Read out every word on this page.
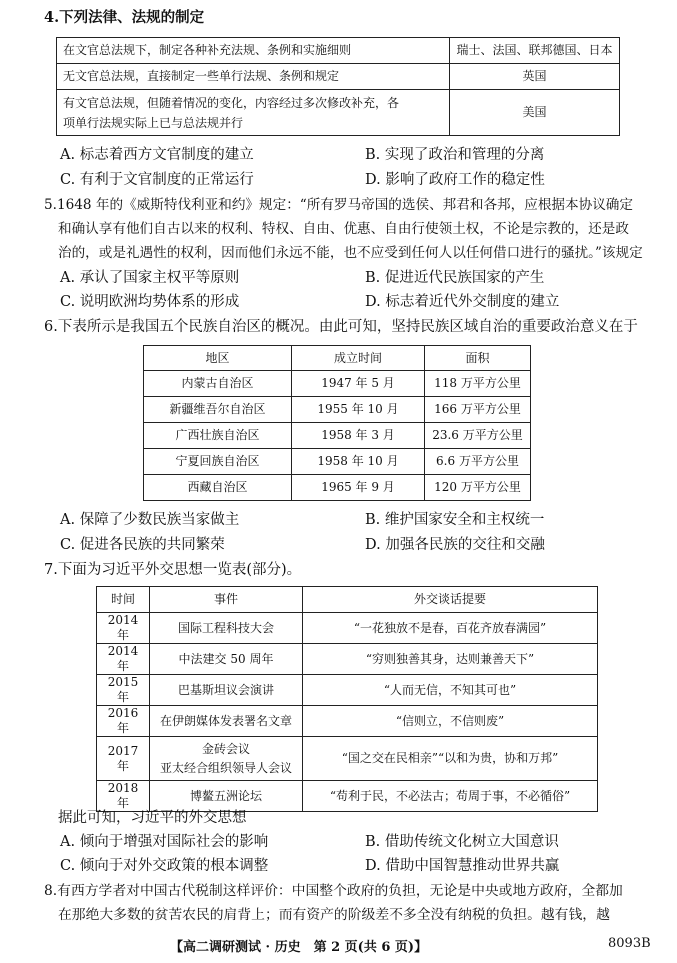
4.下列法律、法规的制定
在文官总法规下，制定各种补充法规、条例和实施细则	瑞士、法国、联邦德国、日本
无文官总法规，直接制定一些单行法规、条例和规定	英国

有文官总法规，但随着情况的变化，内容经过多次修改补充，各
项单行法规实际上已与总法规并行	美国
A. 标志着西方文官制度的建立	B. 实现了政治和管理的分离
C. 有利于文官制度的正常运行	D. 影响了政府工作的稳定性
5.1648 年的《威斯特伐利亚和约》规定：“所有罗马帝国的选侯、邦君和各邦，应根据本协议确定
和确认享有他们自古以来的权利、特权、自由、优惠、自由行使领土权，不论是宗教的，还是政
治的，或是礼遇性的权利，因而他们永远不能，也不应受到任何人以任何借口进行的骚扰。”该规定
A. 承认了国家主权平等原则	B. 促进近代民族国家的产生
C. 说明欧洲均势体系的形成	D. 标志着近代外交制度的建立
6.下表所示是我国五个民族自治区的概况。由此可知，坚持民族区域自治的重要政治意义在于
地区	成立时间	面积
内蒙古自治区	1947 年 5 月	118 万平方公里
新疆维吾尔自治区	1955 年 10 月	166 万平方公里
广西壮族自治区	1958 年 3 月	23.6 万平方公里
宁夏回族自治区	1958 年 10 月	6.6 万平方公里
西藏自治区	1965 年 9 月	120 万平方公里
A. 保障了少数民族当家做主	B. 维护国家安全和主权统一
C. 促进各民族的共同繁荣	D. 加强各民族的交往和交融
7.下面为习近平外交思想一览表(部分)。
时间	事件	外交谈话提要
2014 年	国际工程科技大会	“一花独放不是春，百花齐放春满园”
2014 年	中法建交 50 周年	“穷则独善其身，达则兼善天下”
2015 年	巴基斯坦议会演讲	“人而无信，不知其可也”
2016 年	在伊朗媒体发表署名文章	“信则立，不信则废”
2017 年	金砖会议
亚太经合组织领导人会议	“国之交在民相亲”“以和为贵，协和万邦”
2018 年	博鳌五洲论坛	“苟利于民，不必法古；苟周于事，不必循俗”
据此可知，习近平的外交思想
A. 倾向于增强对国际社会的影响	B. 借助传统文化树立大国意识
C. 倾向于对外交政策的根本调整	D. 借助中国智慧推动世界共赢
8.有西方学者对中国古代税制这样评价：中国整个政府的负担，无论是中央或地方政府，全都加
在那绝大多数的贫苦农民的肩背上；而有资产的阶级差不多全没有纳税的负担。越有钱，越
【高二调研测试 · 历史　第 2 页(共 6 页)】	8093B
